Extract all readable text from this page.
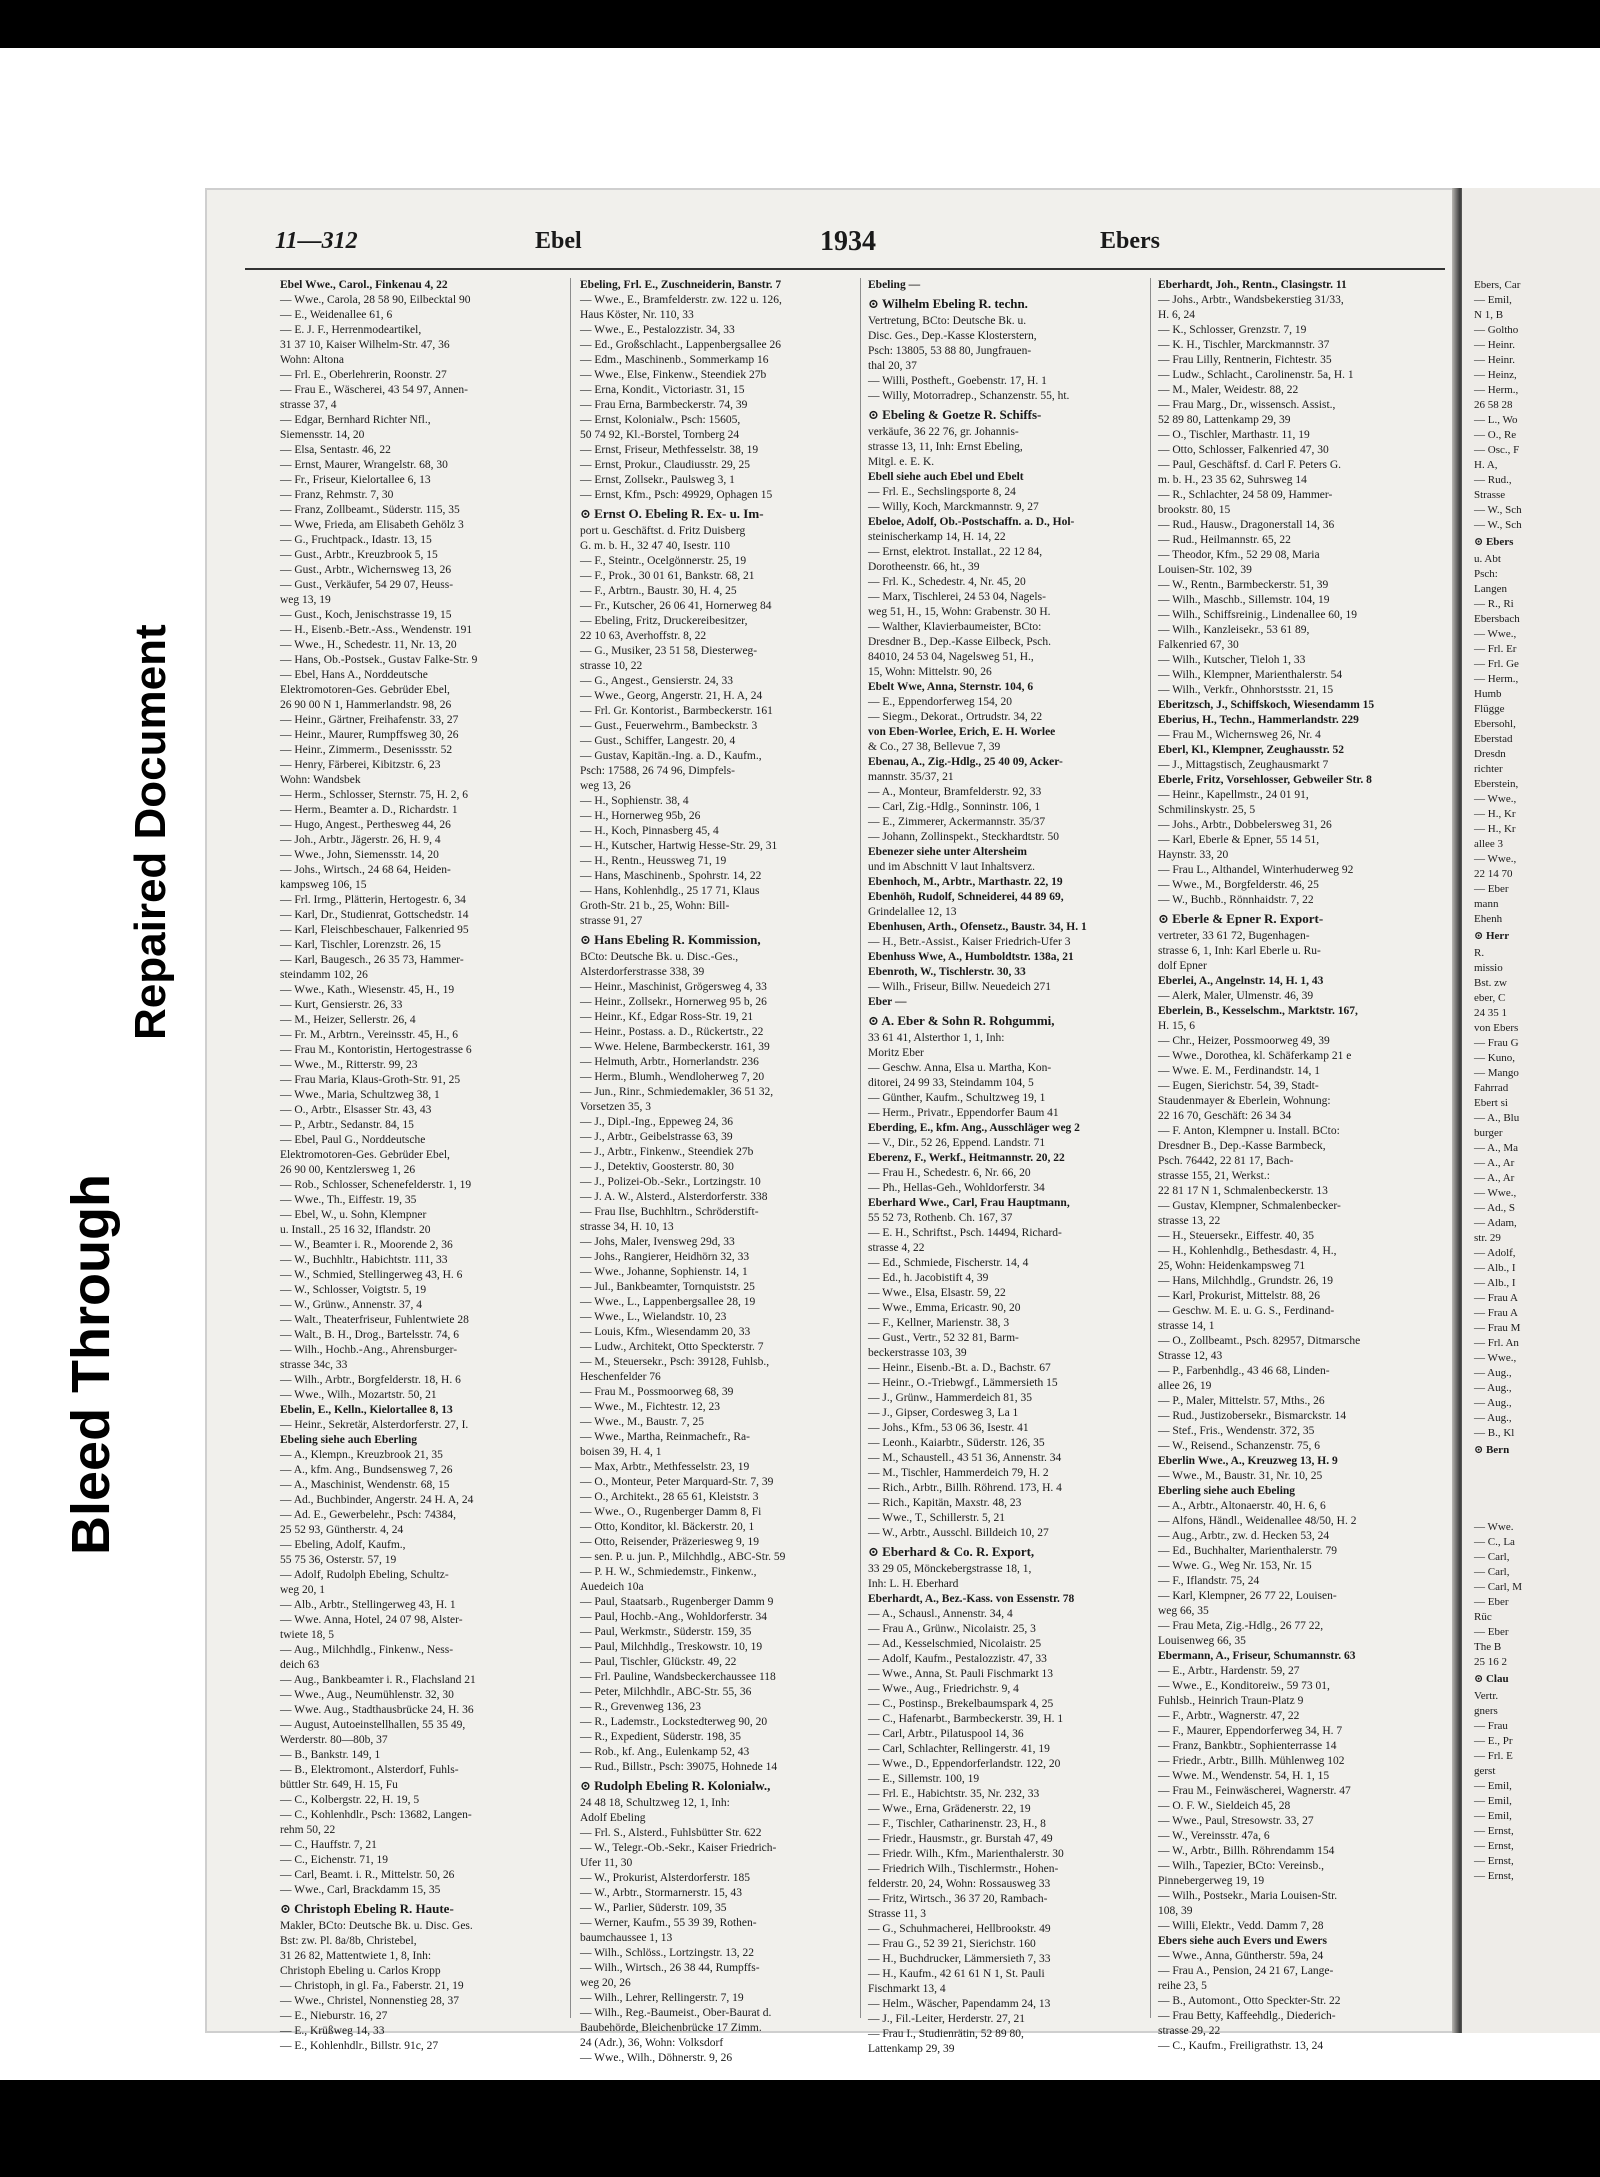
Bleed Through
Repaired Document
11—312	Ebel	1934	Ebers
Ebel Wwe., Carol., Finkenau 4, 22
— Wwe., Carola, 28 58 90, Eilbecktal 90
— E., Weidenallee 61, 6
— E. J. F., Herrenmodeartikel,
31 37 10, Kaiser Wilhelm-Str. 47, 36
Wohn: Altona
— Frl. E., Oberlehrerin, Roonstr. 27
— Frau E., Wäscherei, 43 54 97, Annen-
strasse 37, 4
— Edgar, Bernhard Richter Nfl.,
Siemensstr. 14, 20
— Elsa, Sentastr. 46, 22
— Ernst, Maurer, Wrangelstr. 68, 30
— Fr., Friseur, Kielortallee 6, 13
— Franz, Rehmstr. 7, 30
— Franz, Zollbeamt., Süderstr. 115, 35
— Wwe, Frieda, am Elisabeth Gehölz 3
— G., Fruchtpack., Idastr. 13, 15
— Gust., Arbtr., Kreuzbrook 5, 15
— Gust., Arbtr., Wichernsweg 13, 26
— Gust., Verkäufer, 54 29 07, Heuss-
weg 13, 19
— Gust., Koch, Jenischstrasse 19, 15
— H., Eisenb.-Betr.-Ass., Wendenstr. 191
— Wwe., H., Schedestr. 11, Nr. 13, 20
— Hans, Ob.-Postsek., Gustav Falke-Str. 9
— Ebel, Hans A., Norddeutsche
Elektromotoren-Ges. Gebrüder Ebel,
26 90 00 N 1, Hammerlandstr. 98, 26
— Heinr., Gärtner, Freihafenstr. 33, 27
— Heinr., Maurer, Rumpffsweg 30, 26
— Heinr., Zimmerm., Desenissstr. 52
— Henry, Färberei, Kibitzstr. 6, 23
Wohn: Wandsbek
— Herm., Schlosser, Sternstr. 75, H. 2, 6
— Herm., Beamter a. D., Richardstr. 1
— Hugo, Angest., Perthesweg 44, 26
— Joh., Arbtr., Jägerstr. 26, H. 9, 4
— Wwe., John, Siemensstr. 14, 20
— Johs., Wirtsch., 24 68 64, Heiden-
kampsweg 106, 15
— Frl. Irmg., Plätterin, Hertogestr. 6, 34
— Karl, Dr., Studienrat, Gottschedstr. 14
— Karl, Fleischbeschauer, Falkenried 95
— Karl, Tischler, Lorenzstr. 26, 15
— Karl, Baugesch., 26 35 73, Hammer-
steindamm 102, 26
— Wwe., Kath., Wiesenstr. 45, H., 19
— Kurt, Gensierstr. 26, 33
— M., Heizer, Sellerstr. 26, 4
— Fr. M., Arbtrn., Vereinsstr. 45, H., 6
— Frau M., Kontoristin, Hertogestrasse 6
— Wwe., M., Ritterstr. 99, 23
— Frau Maria, Klaus-Groth-Str. 91, 25
— Wwe., Maria, Schultzweg 38, 1
— O., Arbtr., Elsasser Str. 43, 43
— P., Arbtr., Sedanstr. 84, 15
— Ebel, Paul G., Norddeutsche
Elektromotoren-Ges. Gebrüder Ebel,
26 90 00, Kentzlersweg 1, 26
— Rob., Schlosser, Schenefelderstr. 1, 19
— Wwe., Th., Eiffestr. 19, 35
— Ebel, W., u. Sohn, Klempner
u. Install., 25 16 32, Iflandstr. 20
— W., Beamter i. R., Moorende 2, 36
— W., Buchhltr., Habichtstr. 111, 33
— W., Schmied, Stellingerweg 43, H. 6
— W., Schlosser, Voigtstr. 5, 19
— W., Grünw., Annenstr. 37, 4
— Walt., Theaterfriseur, Fuhlentwiete 28
— Walt., B. H., Drog., Bartelsstr. 74, 6
— Wilh., Hochb.-Ang., Ahrensburger-
strasse 34c, 33
— Wilh., Arbtr., Borgfelderstr. 18, H. 6
— Wwe., Wilh., Mozartstr. 50, 21
Ebelin, E., Kelln., Kielortallee 8, 13
— Heinr., Sekretär, Alsterdorferstr. 27, I.
Ebeling siehe auch Eberling
— A., Klempn., Kreuzbrook 21, 35
— A., kfm. Ang., Bundsensweg 7, 26
— A., Maschinist, Wendenstr. 68, 15
— Ad., Buchbinder, Angerstr. 24 H. A, 24
— Ad. E., Gewerbelehr., Psch: 74384,
25 52 93, Güntherstr. 4, 24
— Ebeling, Adolf, Kaufm.,
55 75 36, Osterstr. 57, 19
— Adolf, Rudolph Ebeling, Schultz-
weg 20, 1
— Alb., Arbtr., Stellingerweg 43, H. 1
— Wwe. Anna, Hotel, 24 07 98, Alster-
twiete 18, 5
— Aug., Milchhdlg., Finkenw., Ness-
deich 63
— Aug., Bankbeamter i. R., Flachsland 21
— Wwe., Aug., Neumühlenstr. 32, 30
— Wwe. Aug., Stadthausbrücke 24, H. 36
— August, Autoeinstellhallen, 55 35 49,
Werderstr. 80—80b, 37
— B., Bankstr. 149, 1
— B., Elektromont., Alsterdorf, Fuhls-
büttler Str. 649, H. 15, Fu
— C., Kolbergstr. 22, H. 19, 5
— C., Kohlenhdlr., Psch: 13682, Langen-
rehm 50, 22
— C., Hauffstr. 7, 21
— C., Eichenstr. 71, 19
— Carl, Beamt. i. R., Mittelstr. 50, 26
— Wwe., Carl, Brackdamm 15, 35
⊙ Christoph Ebeling R. Haute-
Makler, BCto: Deutsche Bk. u. Disc. Ges.
Bst: zw. Pl. 8a/8b, Christebel,
31 26 82, Mattentwiete 1, 8, Inh:
Christoph Ebeling u. Carlos Kropp
— Christoph, in gl. Fa., Faberstr. 21, 19
— Wwe., Christel, Nonnenstieg 28, 37
— E., Nieburstr. 16, 27
— E., Krüßweg 14, 33
— E., Kohlenhdlr., Billstr. 91c, 27
Ebeling, Frl. E., Zuschneiderin, Banstr. 7
— Wwe., E., Bramfelderstr. zw. 122 u. 126,
Haus Köster, Nr. 110, 33
— Wwe., E., Pestalozzistr. 34, 33
— Ed., Großschlacht., Lappenbergsallee 26
— Edm., Maschinenb., Sommerkamp 16
— Wwe., Else, Finkenw., Steendiek 27b
— Erna, Kondit., Victoriastr. 31, 15
— Frau Erna, Barmbeckerstr. 74, 39
— Ernst, Kolonialw., Psch: 15605,
50 74 92, Kl.-Borstel, Tornberg 24
— Ernst, Friseur, Methfesselstr. 38, 19
— Ernst, Prokur., Claudiusstr. 29, 25
— Ernst, Zollsekr., Paulsweg 3, 1
— Ernst, Kfm., Psch: 49929, Ophagen 15
⊙ Ernst O. Ebeling R. Ex- u. Im-
port u. Geschäftst. d. Fritz Duisberg
G. m. b. H., 32 47 40, Isestr. 110
— F., Steintr., Ocelgönnerstr. 25, 19
— F., Prok., 30 01 61, Bankstr. 68, 21
— F., Arbtrn., Baustr. 30, H. 4, 25
— Fr., Kutscher, 26 06 41, Hornerweg 84
— Ebeling, Fritz, Druckereibesitzer,
22 10 63, Averhoffstr. 8, 22
— G., Musiker, 23 51 58, Diesterweg-
strasse 10, 22
— G., Angest., Gensierstr. 24, 33
— Wwe., Georg, Angerstr. 21, H. A, 24
— Frl. Gr. Kontorist., Barmbeckerstr. 161
— Gust., Feuerwehrm., Bambeckstr. 3
— Gust., Schiffer, Langestr. 20, 4
— Gustav, Kapitän.-Ing. a. D., Kaufm.,
Psch: 17588, 26 74 96, Dimpfels-
weg 13, 26
— H., Sophienstr. 38, 4
— H., Hornerweg 95b, 26
— H., Koch, Pinnasberg 45, 4
— H., Kutscher, Hartwig Hesse-Str. 29, 31
— H., Rentn., Heussweg 71, 19
— Hans, Maschinenb., Spohrstr. 14, 22
— Hans, Kohlenhdlg., 25 17 71, Klaus
Groth-Str. 21 b., 25, Wohn: Bill-
strasse 91, 27
⊙ Hans Ebeling R. Kommission,
BCto: Deutsche Bk. u. Disc.-Ges.,
Alsterdorferstrasse 338, 39
— Heinr., Maschinist, Grögersweg 4, 33
— Heinr., Zollsekr., Hornerweg 95 b, 26
— Heinr., Kf., Edgar Ross-Str. 19, 21
— Heinr., Postass. a. D., Rückertstr., 22
— Wwe. Helene, Barmbeckerstr. 161, 39
— Helmuth, Arbtr., Hornerlandstr. 236
— Herm., Blumh., Wendloherweg 7, 20
— Jun., Rinr., Schmiedemakler, 36 51 32,
Vorsetzen 35, 3
— J., Dipl.-Ing., Eppeweg 24, 36
— J., Arbtr., Geibelstrasse 63, 39
— J., Arbtr., Finkenw., Steendiek 27b
— J., Detektiv, Goosterstr. 80, 30
— J., Polizei-Ob.-Sekr., Lortzingstr. 10
— J. A. W., Alsterd., Alsterdorferstr. 338
— Frau Ilse, Buchhltrn., Schröderstift-
strasse 34, H. 10, 13
— Johs, Maler, Ivensweg 29d, 33
— Johs., Rangierer, Heidhörn 32, 33
— Wwe., Johanne, Sophienstr. 14, 1
— Jul., Bankbeamter, Tornquiststr. 25
— Wwe., L., Lappenbergsallee 28, 19
— Wwe., L., Wielandstr. 10, 23
— Louis, Kfm., Wiesendamm 20, 33
— Ludw., Architekt, Otto Speckterstr. 7
— M., Steuersekr., Psch: 39128, Fuhlsb.,
Heschenfelder 76
— Frau M., Possmoorweg 68, 39
— Wwe., M., Fichtestr. 12, 23
— Wwe., M., Baustr. 7, 25
— Wwe., Martha, Reinmachefr., Ra-
boisen 39, H. 4, 1
— Max, Arbtr., Methfesselstr. 23, 19
— O., Monteur, Peter Marquard-Str. 7, 39
— O., Architekt., 28 65 61, Kleiststr. 3
— Wwe., O., Rugenberger Damm 8, Fi
— Otto, Konditor, kl. Bäckerstr. 20, 1
— Otto, Reisender, Präzeriesweg 9, 19
— sen. P. u. jun. P., Milchhdlg., ABC-Str. 59
— P. H. W., Schmiedemstr., Finkenw.,
Auedeich 10a
— Paul, Staatsarb., Rugenberger Damm 9
— Paul, Hochb.-Ang., Wohldorferstr. 34
— Paul, Werkmstr., Süderstr. 159, 35
— Paul, Milchhdlg., Treskowstr. 10, 19
— Paul, Tischler, Glückstr. 49, 22
— Frl. Pauline, Wandsbeckerchaussee 118
— Peter, Milchhdlr., ABC-Str. 55, 36
— R., Grevenweg 136, 23
— R., Lademstr., Lockstedterweg 90, 20
— R., Expedient, Süderstr. 198, 35
— Rob., kf. Ang., Eulenkamp 52, 43
— Rud., Billstr., Psch: 39075, Hohnede 14
⊙ Rudolph Ebeling R. Kolonialw.,
24 48 18, Schultzweg 12, 1, Inh:
Adolf Ebeling
— Frl. S., Alsterd., Fuhlsbütter Str. 622
— W., Telegr.-Ob.-Sekr., Kaiser Friedrich-
Ufer 11, 30
— W., Prokurist, Alsterdorferstr. 185
— W., Arbtr., Stormarnerstr. 15, 43
— W., Parlier, Süderstr. 109, 35
— Werner, Kaufm., 55 39 39, Rothen-
baumchaussee 1, 13
— Wilh., Schlöss., Lortzingstr. 13, 22
— Wilh., Wirtsch., 26 38 44, Rumpffs-
weg 20, 26
— Wilh., Lehrer, Rellingerstr. 7, 19
— Wilh., Reg.-Baumeist., Ober-Baurat d.
Baubehörde, Bleichenbrücke 17 Zimm.
24 (Adr.), 36, Wohn: Volksdorf
— Wwe., Wilh., Döhnerstr. 9, 26
Ebeling —
⊙ Wilhelm Ebeling R. techn.
Vertretung, BCto: Deutsche Bk. u.
Disc. Ges., Dep.-Kasse Klosterstern,
Psch: 13805, 53 88 80, Jungfrauen-
thal 20, 37
— Willi, Postheft., Goebenstr. 17, H. 1
— Willy, Motorradrep., Schanzenstr. 55, ht.
⊙ Ebeling & Goetze R. Schiffs-
verkäufe, 36 22 76, gr. Johannis-
strasse 13, 11, Inh: Ernst Ebeling,
Mitgl. e. E. K.
Ebell siehe auch Ebel und Ebelt
— Frl. E., Sechslingsporte 8, 24
— Willy, Koch, Marckmannstr. 9, 27
Ebeloe, Adolf, Ob.-Postschaffn. a. D., Hol-
steinischerkamp 14, H. 14, 22
— Ernst, elektrot. Installat., 22 12 84,
Dorotheenstr. 66, ht., 39
— Frl. K., Schedestr. 4, Nr. 45, 20
— Marx, Tischlerei, 24 53 04, Nagels-
weg 51, H., 15, Wohn: Grabenstr. 30 H.
— Walther, Klavierbaumeister, BCto:
Dresdner B., Dep.-Kasse Eilbeck, Psch.
84010, 24 53 04, Nagelsweg 51, H.,
15, Wohn: Mittelstr. 90, 26
Ebelt Wwe, Anna, Sternstr. 104, 6
— E., Eppendorferweg 154, 20
— Siegm., Dekorat., Ortrudstr. 34, 22
von Eben-Worlee, Erich, E. H. Worlee
& Co., 27 38, Bellevue 7, 39
Ebenau, A., Zig.-Hdlg., 25 40 09, Acker-
mannstr. 35/37, 21
— A., Monteur, Bramfelderstr. 92, 33
— Carl, Zig.-Hdlg., Sonninstr. 106, 1
— E., Zimmerer, Ackermannstr. 35/37
— Johann, Zollinspekt., Steckhardtstr. 50
Ebenezer siehe unter Altersheim
und im Abschnitt V laut Inhaltsverz.
Ebenhoch, M., Arbtr., Marthastr. 22, 19
Ebenhöh, Rudolf, Schneiderei, 44 89 69,
Grindelallee 12, 13
Ebenhusen, Arth., Ofensetz., Baustr. 34, H. 1
— H., Betr.-Assist., Kaiser Friedrich-Ufer 3
Ebenhuss Wwe, A., Humboldtstr. 138a, 21
Ebenroth, W., Tischlerstr. 30, 33
— Wilh., Friseur, Billw. Neuedeich 271
Eber —
⊙ A. Eber & Sohn R. Rohgummi,
33 61 41, Alsterthor 1, 1, Inh:
Moritz Eber
— Geschw. Anna, Elsa u. Martha, Kon-
ditorei, 24 99 33, Steindamm 104, 5
— Günther, Kaufm., Schultzweg 19, 1
— Herm., Privatr., Eppendorfer Baum 41
Eberding, E., kfm. Ang., Ausschläger weg 2
— V., Dir., 52 26, Eppend. Landstr. 71
Eberenz, F., Werkf., Heitmannstr. 20, 22
— Frau H., Schedestr. 6, Nr. 66, 20
— Ph., Hellas-Geh., Wohldorferstr. 34
Eberhard Wwe., Carl, Frau Hauptmann,
55 52 73, Rothenb. Ch. 167, 37
— E. H., Schriftst., Psch. 14494, Richard-
strasse 4, 22
— Ed., Schmiede, Fischerstr. 14, 4
— Ed., h. Jacobistift 4, 39
— Wwe., Elsa, Elsastr. 59, 22
— Wwe., Emma, Ericastr. 90, 20
— F., Kellner, Marienstr. 38, 3
— Gust., Vertr., 52 32 81, Barm-
beckerstrasse 103, 39
— Heinr., Eisenb.-Bt. a. D., Bachstr. 67
— Heinr., O.-Triebwgf., Lämmersieth 15
— J., Grünw., Hammerdeich 81, 35
— J., Gipser, Cordesweg 3, La 1
— Johs., Kfm., 53 06 36, Isestr. 41
— Leonh., Kaiarbtr., Süderstr. 126, 35
— M., Schaustell., 43 51 36, Annenstr. 34
— M., Tischler, Hammerdeich 79, H. 2
— Rich., Arbtr., Billh. Röhrend. 173, H. 4
— Rich., Kapitän, Maxstr. 48, 23
— Wwe., T., Schillerstr. 5, 21
— W., Arbtr., Ausschl. Billdeich 10, 27
⊙ Eberhard & Co. R. Export,
33 29 05, Mönckebergstrasse 18, 1,
Inh: L. H. Eberhard
Eberhardt, A., Bez.-Kass. von Essenstr. 78
— A., Schausl., Annenstr. 34, 4
— Frau A., Grünw., Nicolaistr. 25, 3
— Ad., Kesselschmied, Nicolaistr. 25
— Adolf, Kaufm., Pestalozzistr. 47, 33
— Wwe., Anna, St. Pauli Fischmarkt 13
— Wwe., Aug., Friedrichstr. 9, 4
— C., Postinsp., Brekelbaumspark 4, 25
— C., Hafenarbt., Barmbeckerstr. 39, H. 1
— Carl, Arbtr., Pilatuspool 14, 36
— Carl, Schlachter, Rellingerstr. 41, 19
— Wwe., D., Eppendorferlandstr. 122, 20
— E., Sillemstr. 100, 19
— Frl. E., Habichtstr. 35, Nr. 232, 33
— Wwe., Erna, Grädenerstr. 22, 19
— F., Tischler, Catharinenstr. 23, H., 8
— Friedr., Hausmstr., gr. Burstah 47, 49
— Friedr. Wilh., Kfm., Marienthalerstr. 30
— Friedrich Wilh., Tischlermstr., Hohen-
felderstr. 20, 24, Wohn: Rossausweg 33
— Fritz, Wirtsch., 36 37 20, Rambach-
Strasse 11, 3
— G., Schuhmacherei, Hellbrookstr. 49
— Frau G., 52 39 21, Sierichstr. 160
— H., Buchdrucker, Lämmersieth 7, 33
— H., Kaufm., 42 61 61 N 1, St. Pauli
Fischmarkt 13, 4
— Helm., Wäscher, Papendamm 24, 13
— J., Fil.-Leiter, Herderstr. 27, 21
— Frau I., Studienrätin, 52 89 80,
Lattenkamp 29, 39
Eberhardt, Joh., Rentn., Clasingstr. 11
— Johs., Arbtr., Wandsbekerstieg 31/33,
H. 6, 24
— K., Schlosser, Grenzstr. 7, 19
— K. H., Tischler, Marckmannstr. 37
— Frau Lilly, Rentnerin, Fichtestr. 35
— Ludw., Schlacht., Carolinenstr. 5a, H. 1
— M., Maler, Weidestr. 88, 22
— Frau Marg., Dr., wissensch. Assist.,
52 89 80, Lattenkamp 29, 39
— O., Tischler, Marthastr. 11, 19
— Otto, Schlosser, Falkenried 47, 30
— Paul, Geschäftsf. d. Carl F. Peters G.
m. b. H., 23 35 62, Suhrsweg 14
— R., Schlachter, 24 58 09, Hammer-
brookstr. 80, 15
— Rud., Hausw., Dragonerstall 14, 36
— Rud., Heilmannstr. 65, 22
— Theodor, Kfm., 52 29 08, Maria
Louisen-Str. 102, 39
— W., Rentn., Barmbeckerstr. 51, 39
— Wilh., Maschb., Sillemstr. 104, 19
— Wilh., Schiffsreinig., Lindenallee 60, 19
— Wilh., Kanzleisekr., 53 61 89,
Falkenried 67, 30
— Wilh., Kutscher, Tieloh 1, 33
— Wilh., Klempner, Marienthalerstr. 54
— Wilh., Verkfr., Ohnhorstsstr. 21, 15
Eberitzsch, J., Schiffskoch, Wiesendamm 15
Eberius, H., Techn., Hammerlandstr. 229
— Frau M., Wichernsweg 26, Nr. 4
Eberl, Kl., Klempner, Zeughausstr. 52
— J., Mittagstisch, Zeughausmarkt 7
Eberle, Fritz, Vorsehlosser, Gebweiler Str. 8
— Heinr., Kapellmstr., 24 01 91,
Schmilinskystr. 25, 5
— Johs., Arbtr., Dobbelersweg 31, 26
— Karl, Eberle & Epner, 55 14 51,
Haynstr. 33, 20
— Frau L., Althandel, Winterhuderweg 92
— Wwe., M., Borgfelderstr. 46, 25
— W., Buchb., Rönnhaidstr. 7, 22
⊙ Eberle & Epner R. Export-
vertreter, 33 61 72, Bugenhagen-
strasse 6, 1, Inh: Karl Eberle u. Ru-
dolf Epner
Eberlei, A., Angelnstr. 14, H. 1, 43
— Alerk, Maler, Ulmenstr. 46, 39
Eberlein, B., Kesselschm., Marktstr. 167,
H. 15, 6
— Chr., Heizer, Possmoorweg 49, 39
— Wwe., Dorothea, kl. Schäferkamp 21 e
— Wwe. E. M., Ferdinandstr. 14, 1
— Eugen, Sierichstr. 54, 39, Stadt-
Staudenmayer & Eberlein, Wohnung:
22 16 70, Geschäft: 26 34 34
— F. Anton, Klempner u. Install. BCto:
Dresdner B., Dep.-Kasse Barmbeck,
Psch. 76442, 22 81 17, Bach-
strasse 155, 21, Werkst.:
22 81 17 N 1, Schmalenbeckerstr. 13
— Gustav, Klempner, Schmalenbecker-
strasse 13, 22
— H., Steuersekr., Eiffestr. 40, 35
— H., Kohlenhdlg., Bethesdastr. 4, H.,
25, Wohn: Heidenkampsweg 71
— Hans, Milchhdlg., Grundstr. 26, 19
— Karl, Prokurist, Mittelstr. 88, 26
— Geschw. M. E. u. G. S., Ferdinand-
strasse 14, 1
— O., Zollbeamt., Psch. 82957, Ditmarsche
Strasse 12, 43
— P., Farbenhdlg., 43 46 68, Linden-
allee 26, 19
— P., Maler, Mittelstr. 57, Mths., 26
— Rud., Justizobersekr., Bismarckstr. 14
— Stef., Fris., Wendenstr. 372, 35
— W., Reisend., Schanzenstr. 75, 6
Eberlin Wwe., A., Kreuzweg 13, H. 9
— Wwe., M., Baustr. 31, Nr. 10, 25
Eberling siehe auch Ebeling
— A., Arbtr., Altonaerstr. 40, H. 6, 6
— Alfons, Händl., Weidenallee 48/50, H. 2
— Aug., Arbtr., zw. d. Hecken 53, 24
— Ed., Buchhalter, Marienthalerstr. 79
— Wwe. G., Weg Nr. 153, Nr. 15
— F., Iflandstr. 75, 24
— Karl, Klempner, 26 77 22, Louisen-
weg 66, 35
— Frau Meta, Zig.-Hdlg., 26 77 22,
Louisenweg 66, 35
Ebermann, A., Friseur, Schumannstr. 63
— E., Arbtr., Hardenstr. 59, 27
— Wwe., E., Konditoreiw., 59 73 01,
Fuhlsb., Heinrich Traun-Platz 9
— F., Arbtr., Wagnerstr. 47, 22
— F., Maurer, Eppendorferweg 34, H. 7
— Franz, Bankbtr., Sophienterrasse 14
— Friedr., Arbtr., Billh. Mühlenweg 102
— Wwe. M., Wendenstr. 54, H. 1, 15
— Frau M., Feinwäscherei, Wagnerstr. 47
— O. F. W., Sieldeich 45, 28
— Wwe., Paul, Stresowstr. 33, 27
— W., Vereinsstr. 47a, 6
— W., Arbtr., Billh. Röhrendamm 154
— Wilh., Tapezier, BCto: Vereinsb.,
Pinnebergerweg 19, 19
— Wilh., Postsekr., Maria Louisen-Str.
108, 39
— Willi, Elektr., Vedd. Damm 7, 28
Ebers siehe auch Evers und Ewers
— Wwe., Anna, Güntherstr. 59a, 24
— Frau A., Pension, 24 21 67, Lange-
reihe 23, 5
— B., Automont., Otto Speckter-Str. 22
— Frau Betty, Kaffeehdlg., Diederich-
strasse 29, 22
— C., Kaufm., Freiligrathstr. 13, 24
Ebers, Car
— Emil,
N 1, B
— Goltho
— Heinr.
— Heinr.
— Heinz,
— Herm.,
26 58 28
— L., Wo
— O., Re
— Osc., F
H. A,
— Rud.,
Strasse
— W., Sch
— W., Sch
⊙ Ebers
u. Abt
Psch:
Langen
— R., Ri
Ebersbach
— Wwe.,
— Frl. Er
— Frl. Ge
— Herm.,
Humb
Flügge
Ebersohl,
Eberstad
Dresdn
richter
Eberstein,
— Wwe.,
— H., Kr
— H., Kr
allee 3
— Wwe.,
22 14 70
— Eber
mann
Ehenh
⊙ Herr
R.
missio
Bst. zw
eber, C
24 35 1
von Ebers
— Frau G
— Kuno,
— Mango
Fahrrad
Ebert si
— A., Blu
burger
— A., Ma
— A., Ar
— A., Ar
— Wwe.,
— Ad., S
— Adam,
str. 29
— Adolf,
— Alb., I
— Alb., I
— Frau A
— Frau A
— Frau M
— Frl. An
— Wwe.,
— Aug.,
— Aug.,
— Aug.,
— Aug.,
— B., Kl
⊙ Bern

— Wwe.
— C., La
— Carl,
— Carl,
— Carl, M
— Eber
Rüc
— Eber
The B
25 16 2
⊙ Clau
Vertr.
gners
— Frau
— E., Pr
— Frl. E
gerst
— Emil,
— Emil,
— Emil,
— Ernst,
— Ernst,
— Ernst,
— Ernst,
